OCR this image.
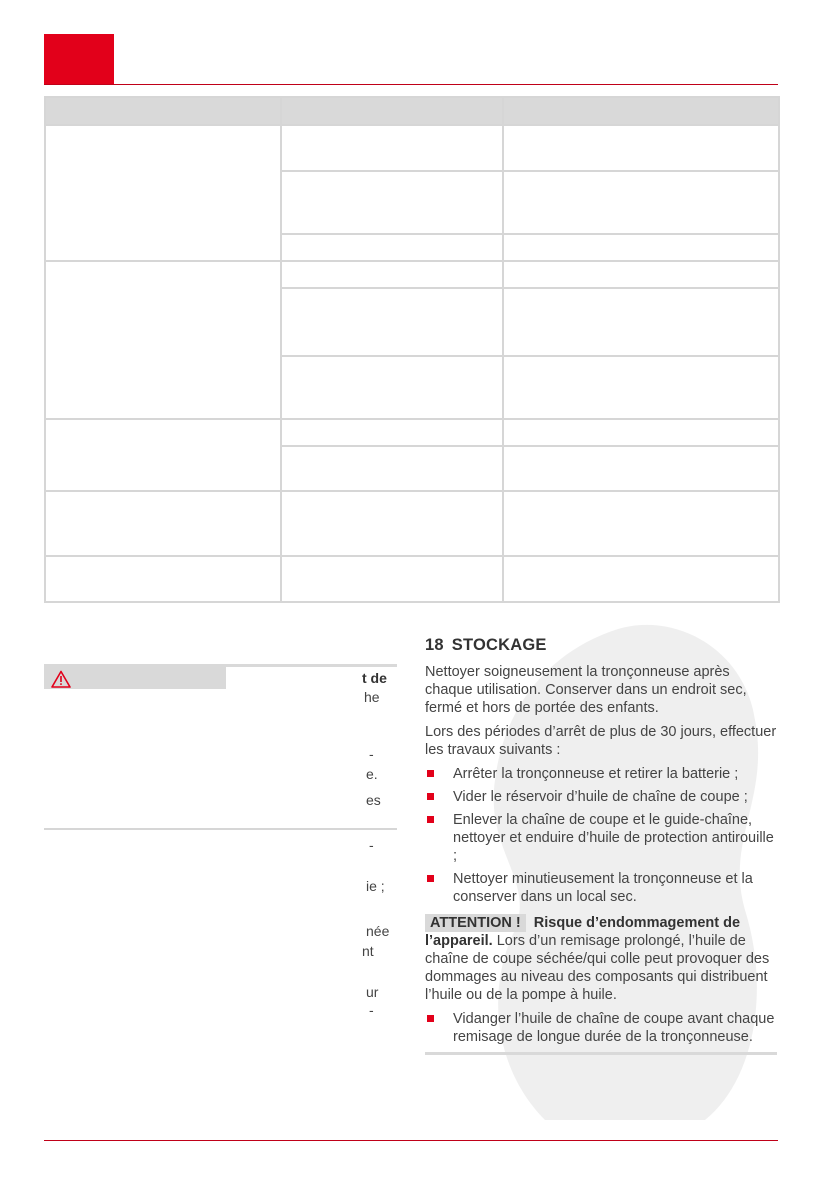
t de
he
-
e.
es
-
ie ;
née
nt
ur
-
18 STOCKAGE

Nettoyer soigneusement la tronçonneuse après chaque utilisation. Conserver dans un endroit sec, fermé et hors de portée des enfants.

Lors des périodes d’arrêt de plus de 30 jours, effectuer les travaux suivants :

Arrêter la tronçonneuse et retirer la batterie ;
Vider le réservoir d’huile de chaîne de coupe ;
Enlever la chaîne de coupe et le guide-chaîne, nettoyer et enduire d’huile de protection antirouille ;
Nettoyer minutieusement la tronçonneuse et la conserver dans un local sec.
ATTENTION ! Risque d’endommagement de l’appareil. Lors d’un remisage prolongé, l’huile de chaîne de coupe séchée/qui colle peut provoquer des dommages au niveau des composants qui distribuent l’huile ou de la pompe à huile.
Vidanger l’huile de chaîne de coupe avant chaque remisage de longue durée de la tronçonneuse.
